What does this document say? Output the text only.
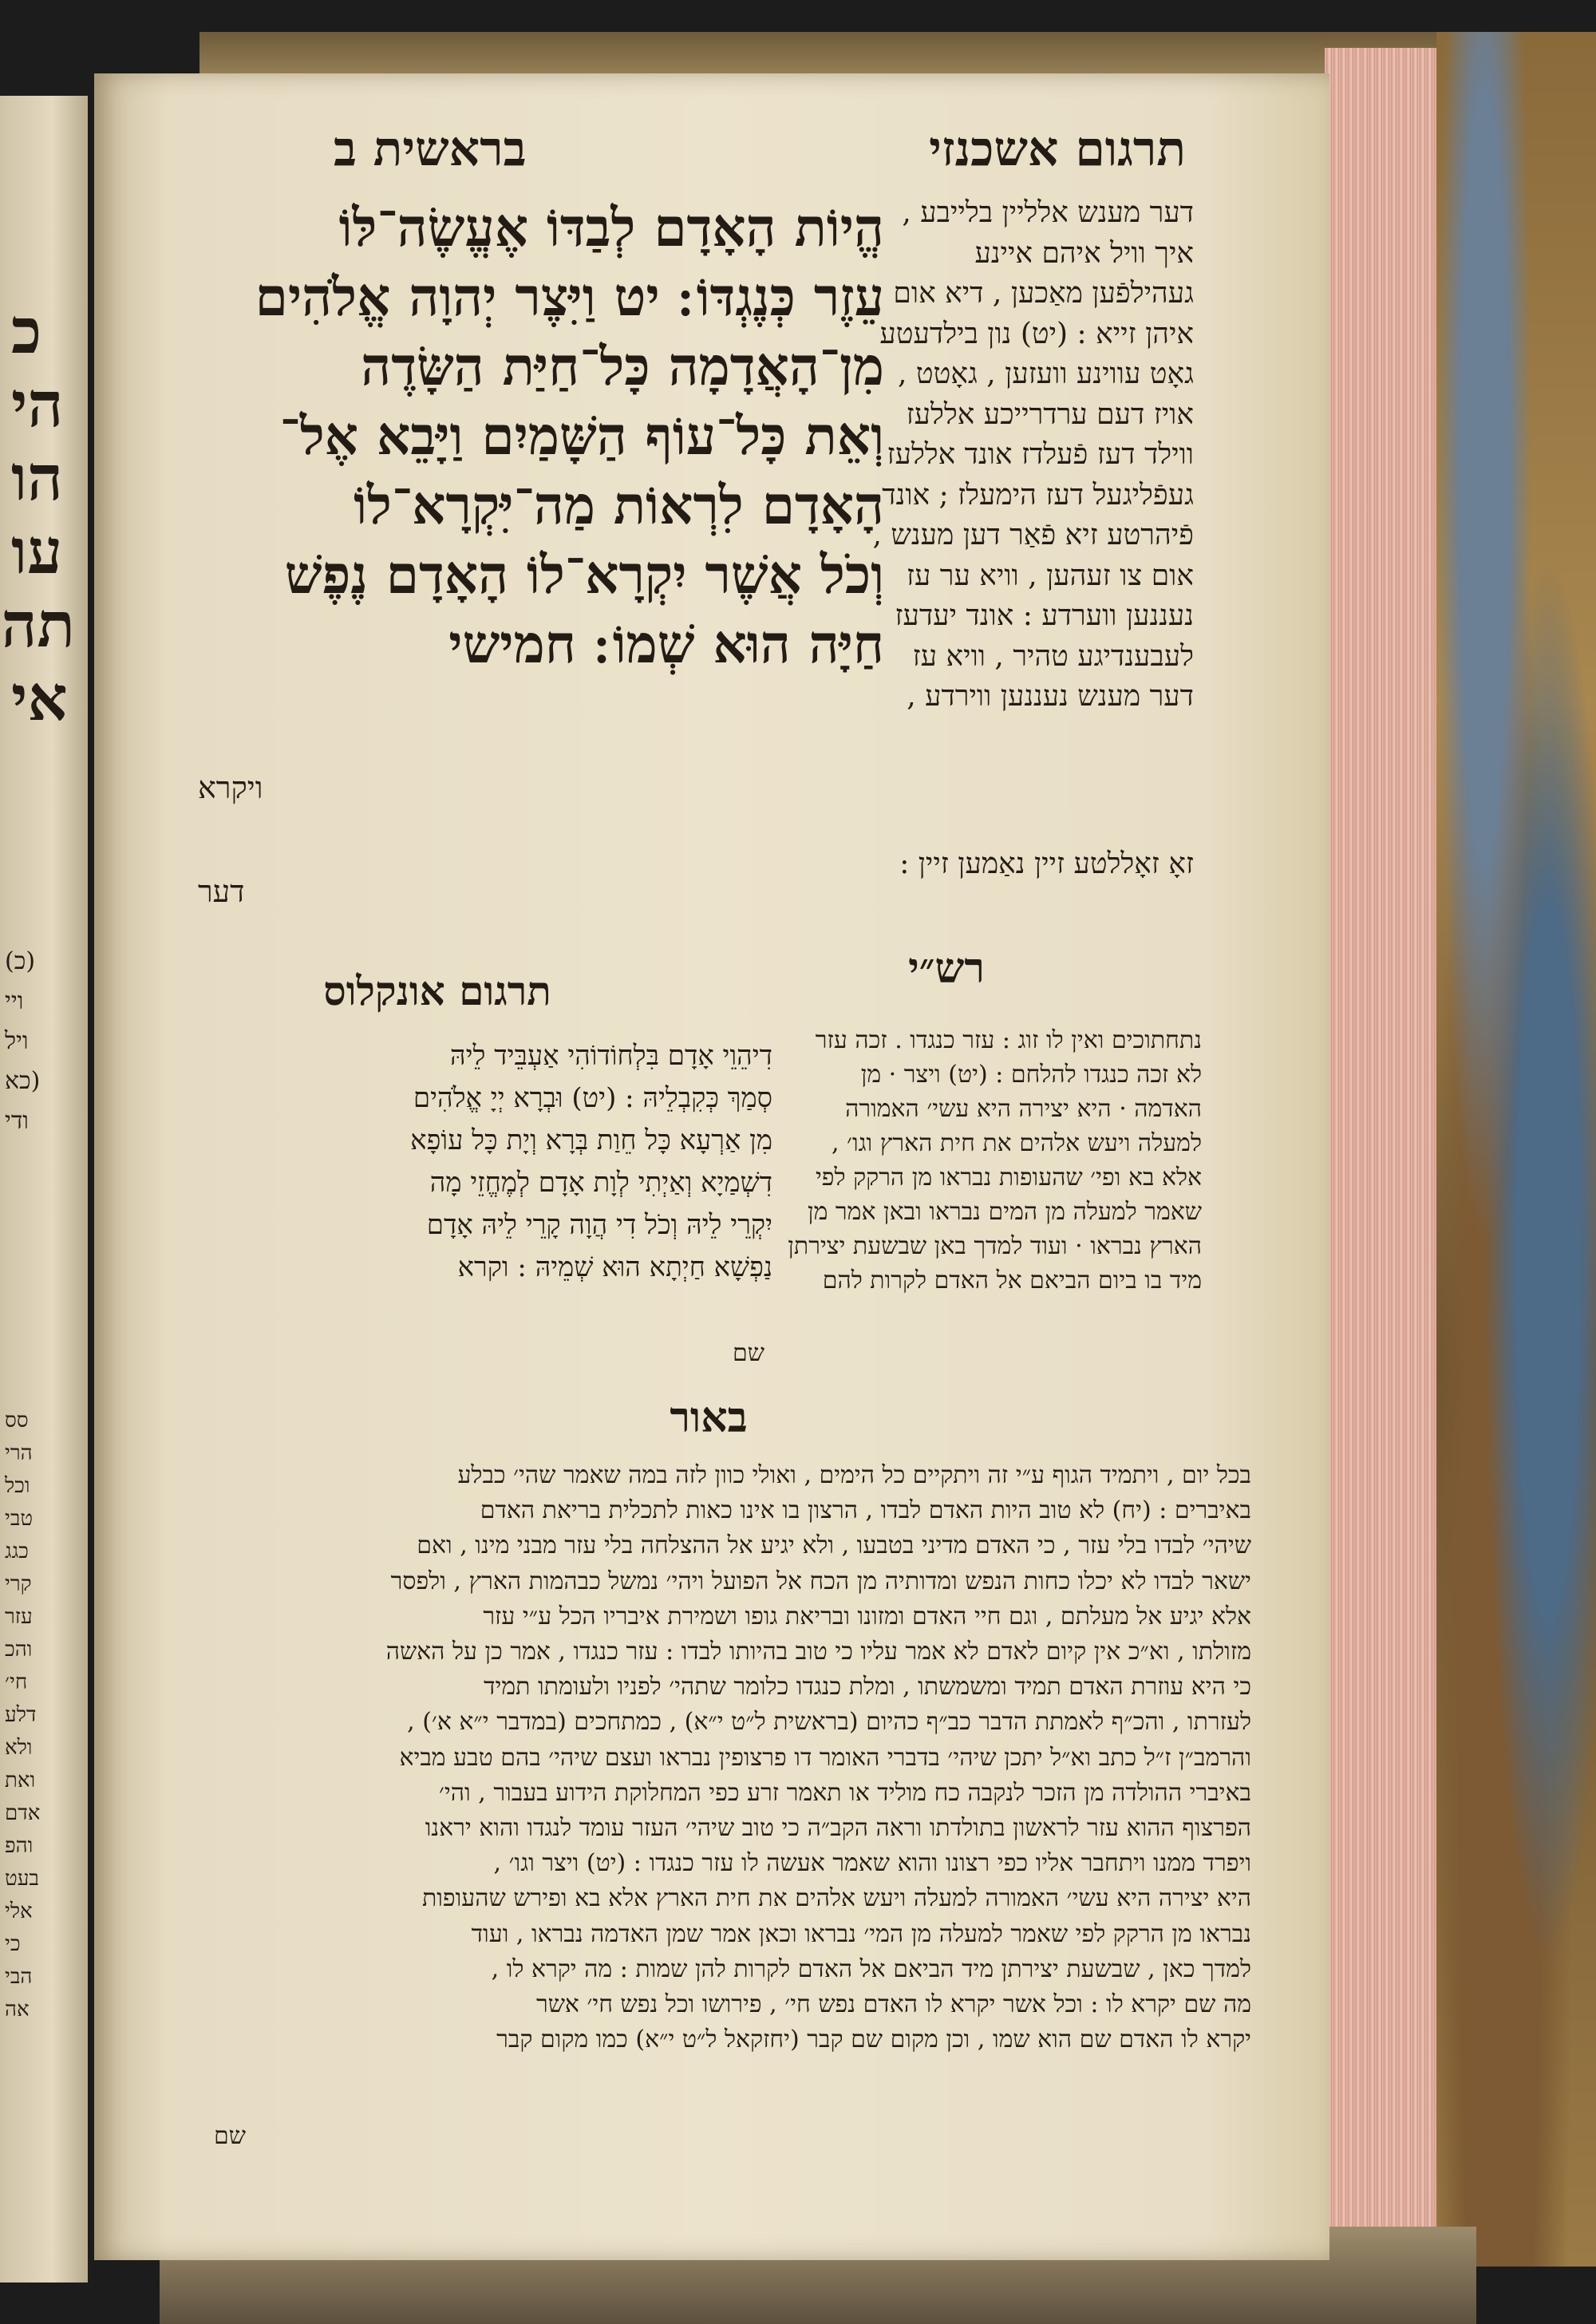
כ
הי
הו
עו
תה
אי
(כ)
ויי
ויל
(כא
ודי
סס
הרי
וכל
טבי
כגג
קרי
עזר
והכ
חי׳
דלע
ולא
ואת
אדם
והפ
בעט
אלי
כי
הבי
אה
תרגום אשכנזי
בראשית ב
הֱיוֹת הָאָדָם לְבַדּוֹ אֶעֱשֶׂה־לּוֹ
עֵזֶר כְּנֶגְדּוֹ ׃ יט וַיִּצֶר יְהוָה אֱלֹהִים
מִן־הָאֲדָמָה כָּל־חַיַּת הַשָּׂדֶה
וְאֵת כָּל־עוֹף הַשָּׁמַיִם וַיָּבֵא אֶל־
הָאָדָם לִרְאוֹת מַה־יִּקְרָא־לוֹ
וְכֹל אֲשֶׁר יִקְרָא־לוֹ הָאָדָם נֶפֶשׁ
חַיָּה הוּא שְׁמוֹ ׃ חמישי
ויקרא
דער
דער מענש אלליין בלייבע ,
איך וויל איהם איינע
געהילפֿען מאַכען , דיא אום
איהן זייא : (יט) נון בילדעטע
גאָט עווינע וועזען , גאָטט ,
אויז דעם ערדרייכע אללעז
ווילד דעז פֿעלדז אונד אללעז
געפֿליגעל דעז הימעלז ; אונד
פֿיהרטע זיא פֿאַר דען מענש ,
אום צו זעהען , וויא ער עז
נעננען ווערדע : אונד יעדעז
לעבענדיגע טהיר , וויא עז
דער מענש נעננען ווירדע ,
זאָ זאָללטע זיין נאַמען זיין :
רש״י
נתחתוכים ואין לו זוג : עזר כנגדו . זכה עזר
לא זכה כנגדו להלחם : (יט) ויצר · מן
האדמה · היא יצירה היא עשי׳ האמורה
למעלה ויעש אלהים את חית הארץ וגו׳ ,
אלא בא ופי׳ שהעופות נבראו מן הרקק לפי
שאמר למעלה מן המים נבראו ובאן אמר מן
הארץ נבראו · ועוד למדך באן שבשעת יצירתן
מיד בו ביום הביאם אל האדם לקרות להם
שם
תרגום אונקלוס
דִיהֵוֵי אָדָם בִּלְחוֹדוֹהִי אַעְבֵּיד לֵיהּ
סְמַךְ כְּקִבְלֵיהּ : (יט) וּבְרָא יְיָ אֱלֹהִים
מִן אַרְעָא כָּל חֵוַת בְּרָא וְיָת כָּל עוֹפָא
דִשְׁמַיָא וְאַיְתִי לְוָת אָדָם לְמֶחֱזֵי מָה
יִקְרֵי לֵיהּ וְכֹל דִי הֲוָה קָרֵי לֵיהּ אָדָם
נַפְשָׁא חַיְתָא הוּא שְׁמֵיהּ : וקרא
באור
בכל יום , ויתמיד הגוף ע״י זה ויתקיים כל הימים , ואולי כוון לזה במה שאמר שהי׳ כבלע
באיברים : (יח) לא טוב היות האדם לבדו , הרצון בו אינו כאות לתכלית בריאת האדם
שיהי׳ לבדו בלי עזר , כי האדם מדיני בטבעו , ולא יגיע אל ההצלחה בלי עזר מבני מינו , ואם
ישאר לבדו לא יכלו כחות הנפש ומדותיה מן הכח אל הפועל ויהי׳ נמשל כבהמות הארץ , ולפסר
אלא יגיע אל מעלתם , וגם חיי האדם ומזונו ובריאת גופו ושמירת איבריו הכל ע״י עזר
מזולתו , וא״כ אין קיום לאדם לא אמר עליו כי טוב בהיותו לבדו : עזר כנגדו , אמר כן על האשה
כי היא עוזרת האדם תמיד ומשמשתו , ומלת כנגדו כלומר שתהי׳ לפניו ולעומתו תמיד
לעזרתו , והכ״ף לאמתת הדבר כב״ף כהיום (בראשית ל״ט י״א) , כמתחכים (במדבר י״א א׳) ,
והרמב״ן ז״ל כתב וא״ל יתכן שיהי׳ בדברי האומר דו פרצופין נבראו ועצם שיהי׳ בהם טבע מביא
באיברי ההולדה מן הזכר לנקבה כח מוליד או תאמר זרע כפי המחלוקת הידוע בעבור , והי׳
הפרצוף ההוא עזר לראשון בתולדתו וראה הקב״ה כי טוב שיהי׳ העזר עומד לנגדו והוא יראנו
ויפרד ממנו ויתחבר אליו כפי רצונו והוא שאמר אעשה לו עזר כנגדו : (יט) ויצר וגו׳ ,
היא יצירה היא עשי׳ האמורה למעלה ויעש אלהים את חית הארץ אלא בא ופירש שהעופות
נבראו מן הרקק לפי שאמר למעלה מן המי׳ נבראו וכאן אמר שמן האדמה נבראו , ועוד
למדך כאן , שבשעת יצירתן מיד הביאם אל האדם לקרות להן שמות : מה יקרא לו ,
מה שם יקרא לו : וכל אשר יקרא לו האדם נפש חי׳ , פירושו וכל נפש חי׳ אשר
יקרא לו האדם שם הוא שמו , וכן מקום שם קבר (יחזקאל ל״ט י״א) כמו מקום קבר
שם
